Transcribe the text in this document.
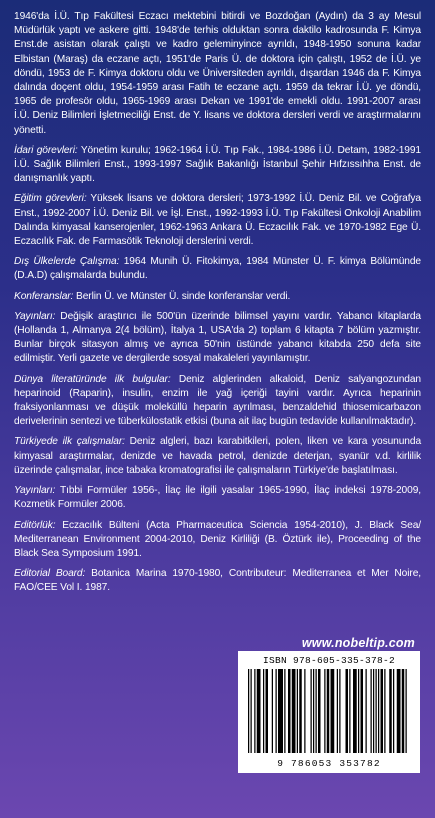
1946'da İ.Ü. Tıp Fakültesi Eczacı mektebini bitirdi ve Bozdoğan (Aydın) da 3 ay Mesul Müdürlük yaptı ve askere gitti. 1948'de terhis olduktan sonra daktilo kadrosunda F. Kimya Enst.de asistan olarak çalıştı ve kadro geleminyince ayrıldı, 1948-1950 sonuna kadar Elbistan (Maraş) da eczane açtı, 1951'de Paris Ü. de doktora için çalıştı, 1952 de İ.Ü. ye döndü, 1953 de F. Kimya doktoru oldu ve Üniversiteden ayrıldı, dışardan 1946 da F. Kimya dalında doçent oldu, 1954-1959 arası Fatih te eczane açtı. 1959 da tekrar İ.Ü. ye döndü, 1965 de profesör oldu, 1965-1969 arası Dekan ve 1991'de emekli oldu. 1991-2007 arası İ.Ü. Deniz Bilimleri İşletmeciliği Enst. de Y. lisans ve doktora dersleri verdi ve araştırmalarını yönetti.

İdari görevleri: Yönetim kurulu; 1962-1964 İ.Ü. Tıp Fak., 1984-1986 İ.Ü. Detam, 1982-1991 İ.Ü. Sağlık Bilimleri Enst., 1993-1997 Sağlık Bakanlığı İstanbul Şehir Hıfzıssıhha Enst. de danışmanlık yaptı.

Eğitim görevleri: Yüksek lisans ve doktora dersleri; 1973-1992 İ.Ü. Deniz Bil. ve Coğrafya Enst., 1992-2007 İ.Ü. Deniz Bil. ve İşl. Enst., 1992-1993 İ.Ü. Tıp Fakültesi Onkoloji Anabilim Dalında kimyasal kanserojenler, 1962-1963 Ankara Ü. Eczacılık Fak. ve 1970-1982 Ege Ü. Eczacılık Fak. de Farmasötik Teknoloji derslerini verdi.

Dış Ülkelerde Çalışma: 1964 Munih Ü. Fitokimya, 1984 Münster Ü. F. kimya Bölümünde (D.A.D) çalışmalarda bulundu.

Konferanslar: Berlin Ü. ve Münster Ü. sinde konferanslar verdi.

Yayınları: Değişik araştırıcı ile 500'ün üzerinde bilimsel yayını vardır. Yabancı kitaplarda (Hollanda 1, Almanya 2(4 bölüm), İtalya 1, USA'da 2) toplam 6 kitapta 7 bölüm yazmıştır. Bunlar birçok sitasyon almış ve ayrıca 50'nin üstünde yabancı kitabda 250 defa site edilmiştir. Yerli gazete ve dergilerde sosyal makaleleri yayınlamıştır.

Dünya literatüründe ilk bulgular: Deniz alglerinden alkaloid, Deniz salyangozundan heparinoid (Raparin), insulin, enzim ile yağ içeriği tayini vardır. Ayrıca heparinin fraksiyonlanması ve düşük moleküllü heparin ayrılması, benzaldehid thiosemicarbazon derivelerinin sentezi ve tüberkülostatik etkisi (buna ait ilaç bugün tedavide kullanılmaktadır).

Türkiyede ilk çalışmalar: Deniz algleri, bazı karabitkileri, polen, liken ve kara yosununda kimyasal araştırmalar, denizde ve havada petrol, denizde deterjan, syanür v.d. kirlilik üzerinde çalışmalar, ince tabaka kromatografisi ile çalışmaların Türkiye'de başlatılması.

Yayınları: Tıbbi Formüler 1956-, İlaç ile ilgili yasalar 1965-1990, İlaç indeksi 1978-2009, Kozmetik Formüler 2006.

Editörlük: Eczacılık Bülteni (Acta Pharmaceutica Sciencia 1954-2010), J. Black Sea/ Mediterranean Environment 2004-2010, Deniz Kirliliği (B. Öztürk ile), Proceeding of the Black Sea Symposium 1991.

Editorial Board: Botanica Marina 1970-1980, Contributeur: Mediterranea et Mer Noire, FAO/CEE Vol I. 1987.

www.nobeltip.com
ISBN 978-605-335-378-2
9 786053 353782
